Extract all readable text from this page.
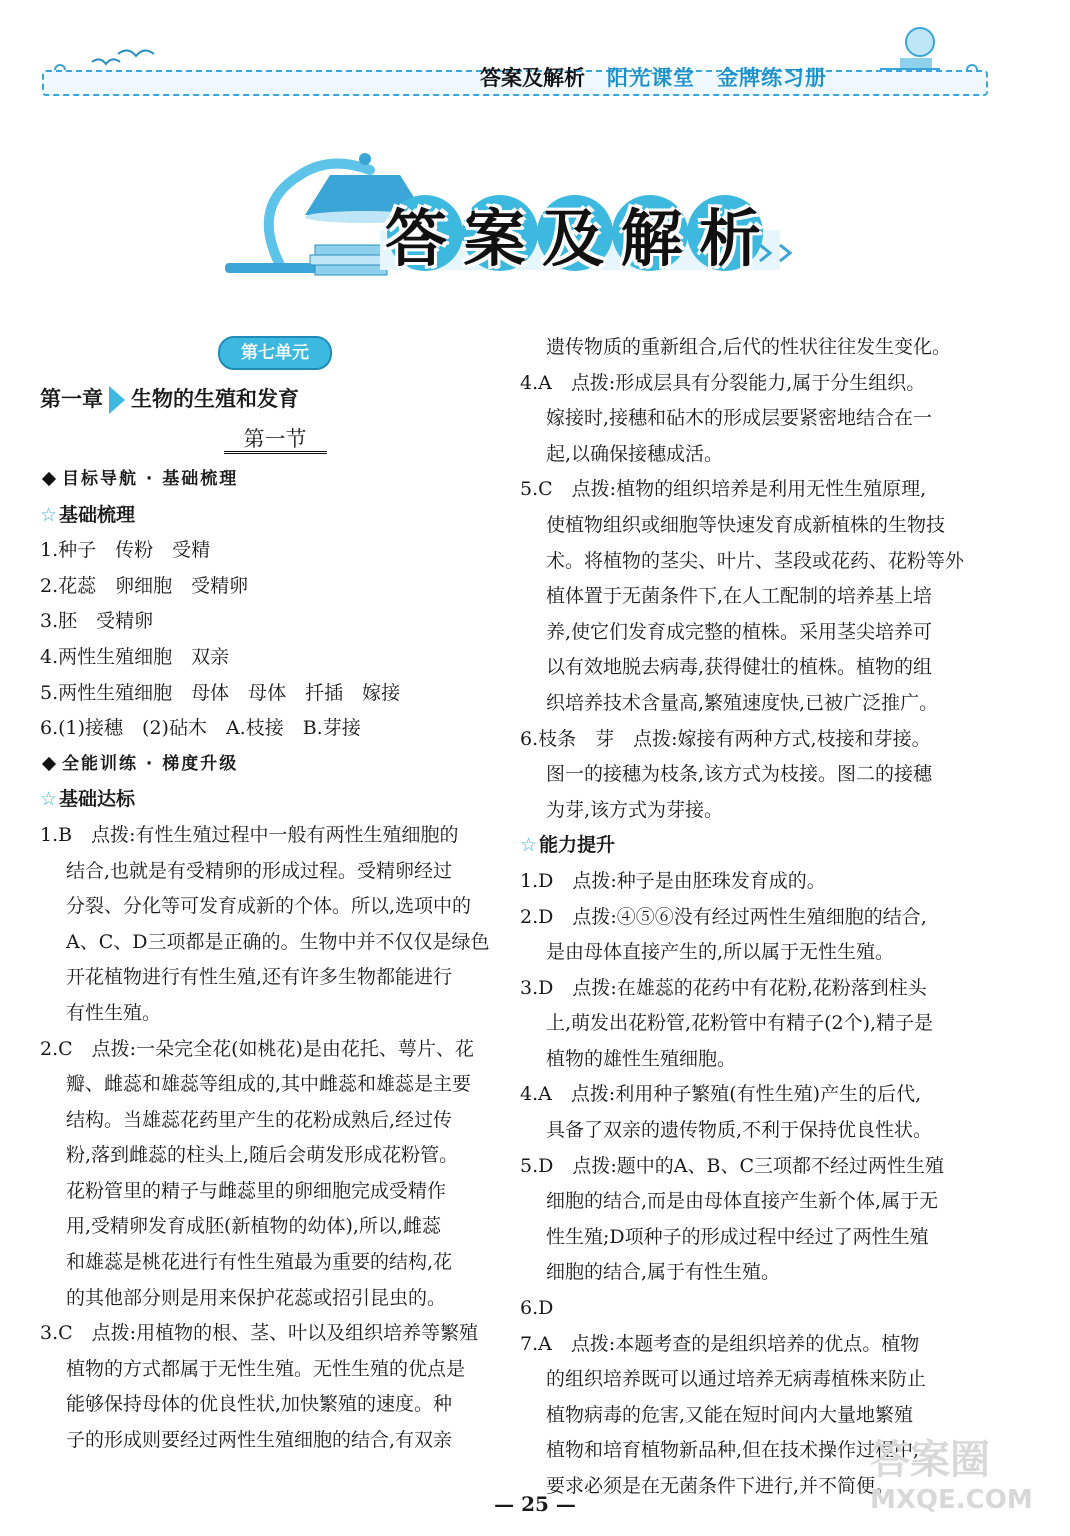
答案及解析 阳光课堂 金牌练习册
答 案 及 解 析
第七单元
第一章 生物的生殖和发育
第一节
目标导航 · 基础梳理
☆ 基础梳理
1.种子　传粉　受精
2.花蕊　卵细胞　受精卵
3.胚　受精卵
4.两性生殖细胞　双亲
5.两性生殖细胞　母体　母体　扦插　嫁接
6.(1)接穗　(2)砧木　A.枝接　B.芽接
全能训练 · 梯度升级
☆ 基础达标
1.B　点拨:有性生殖过程中一般有两性生殖细胞的
结合,也就是有受精卵的形成过程。受精卵经过
分裂、分化等可发育成新的个体。所以,选项中的
A、C、D三项都是正确的。生物中并不仅仅是绿色
开花植物进行有性生殖,还有许多生物都能进行
有性生殖。
2.C　点拨:一朵完全花(如桃花)是由花托、萼片、花
瓣、雌蕊和雄蕊等组成的,其中雌蕊和雄蕊是主要
结构。当雄蕊花药里产生的花粉成熟后,经过传
粉,落到雌蕊的柱头上,随后会萌发形成花粉管。
花粉管里的精子与雌蕊里的卵细胞完成受精作
用,受精卵发育成胚(新植物的幼体),所以,雌蕊
和雄蕊是桃花进行有性生殖最为重要的结构,花
的其他部分则是用来保护花蕊或招引昆虫的。
3.C　点拨:用植物的根、茎、叶以及组织培养等繁殖
植物的方式都属于无性生殖。无性生殖的优点是
能够保持母体的优良性状,加快繁殖的速度。种
子的形成则要经过两性生殖细胞的结合,有双亲
遗传物质的重新组合,后代的性状往往发生变化。
4.A　点拨:形成层具有分裂能力,属于分生组织。
嫁接时,接穗和砧木的形成层要紧密地结合在一
起,以确保接穗成活。
5.C　点拨:植物的组织培养是利用无性生殖原理,
使植物组织或细胞等快速发育成新植株的生物技
术。将植物的茎尖、叶片、茎段或花药、花粉等外
植体置于无菌条件下,在人工配制的培养基上培
养,使它们发育成完整的植株。采用茎尖培养可
以有效地脱去病毒,获得健壮的植株。植物的组
织培养技术含量高,繁殖速度快,已被广泛推广。
6.枝条　芽　点拨:嫁接有两种方式,枝接和芽接。
图一的接穗为枝条,该方式为枝接。图二的接穗
为芽,该方式为芽接。
☆ 能力提升
1.D　点拨:种子是由胚珠发育成的。
2.D　点拨:④⑤⑥没有经过两性生殖细胞的结合,
是由母体直接产生的,所以属于无性生殖。
3.D　点拨:在雄蕊的花药中有花粉,花粉落到柱头
上,萌发出花粉管,花粉管中有精子(2个),精子是
植物的雄性生殖细胞。
4.A　点拨:利用种子繁殖(有性生殖)产生的后代,
具备了双亲的遗传物质,不利于保持优良性状。
5.D　点拨:题中的A、B、C三项都不经过两性生殖
细胞的结合,而是由母体直接产生新个体,属于无
性生殖;D项种子的形成过程中经过了两性生殖
细胞的结合,属于有性生殖。
6.D
7.A　点拨:本题考查的是组织培养的优点。植物
的组织培养既可以通过培养无病毒植株来防止
植物病毒的危害,又能在短时间内大量地繁殖
植物和培育植物新品种,但在技术操作过程中,
要求必须是在无菌条件下进行,并不简便。
— 25 —
答案圈
MXQE.COM
